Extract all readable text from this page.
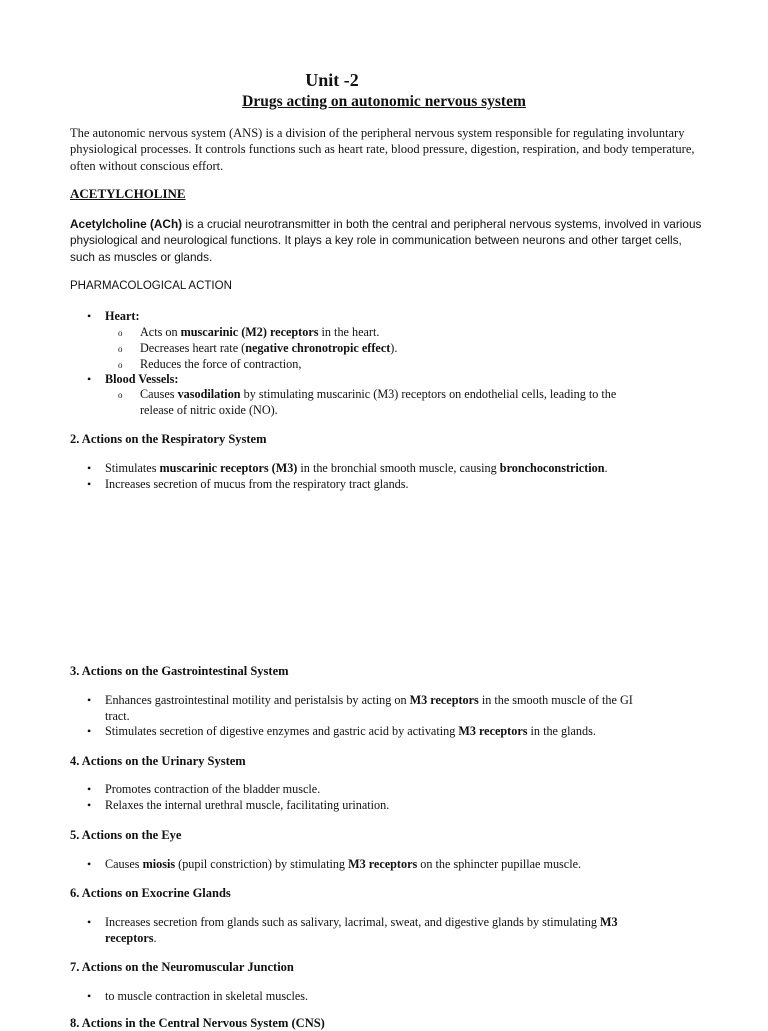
Unit -2
Drugs acting on autonomic nervous system
The autonomic nervous system (ANS) is a division of the peripheral nervous system responsible for regulating involuntary physiological processes. It controls functions such as heart rate, blood pressure, digestion, respiration, and body temperature, often without conscious effort.
ACETYLCHOLINE
Acetylcholine (ACh) is a crucial neurotransmitter in both the central and peripheral nervous systems, involved in various physiological and neurological functions. It plays a key role in communication between neurons and other target cells, such as muscles or glands.
PHARMACOLOGICAL ACTION
• Heart:
o Acts on muscarinic (M2) receptors in the heart.
o Decreases heart rate (negative chronotropic effect).
o Reduces the force of contraction,
• Blood Vessels:
o Causes vasodilation by stimulating muscarinic (M3) receptors on endothelial cells, leading to the
release of nitric oxide (NO).
2. Actions on the Respiratory System
• Stimulates muscarinic receptors (M3) in the bronchial smooth muscle, causing bronchoconstriction.
• Increases secretion of mucus from the respiratory tract glands.
3. Actions on the Gastrointestinal System
• Enhances gastrointestinal motility and peristalsis by acting on M3 receptors in the smooth muscle of the GI
tract.
• Stimulates secretion of digestive enzymes and gastric acid by activating M3 receptors in the glands.
4. Actions on the Urinary System
• Promotes contraction of the bladder muscle.
• Relaxes the internal urethral muscle, facilitating urination.
5. Actions on the Eye
• Causes miosis (pupil constriction) by stimulating M3 receptors on the sphincter pupillae muscle.
6. Actions on Exocrine Glands
• Increases secretion from glands such as salivary, lacrimal, sweat, and digestive glands by stimulating M3
receptors.
7. Actions on the Neuromuscular Junction
• to muscle contraction in skeletal muscles.
8. Actions in the Central Nervous System (CNS)
